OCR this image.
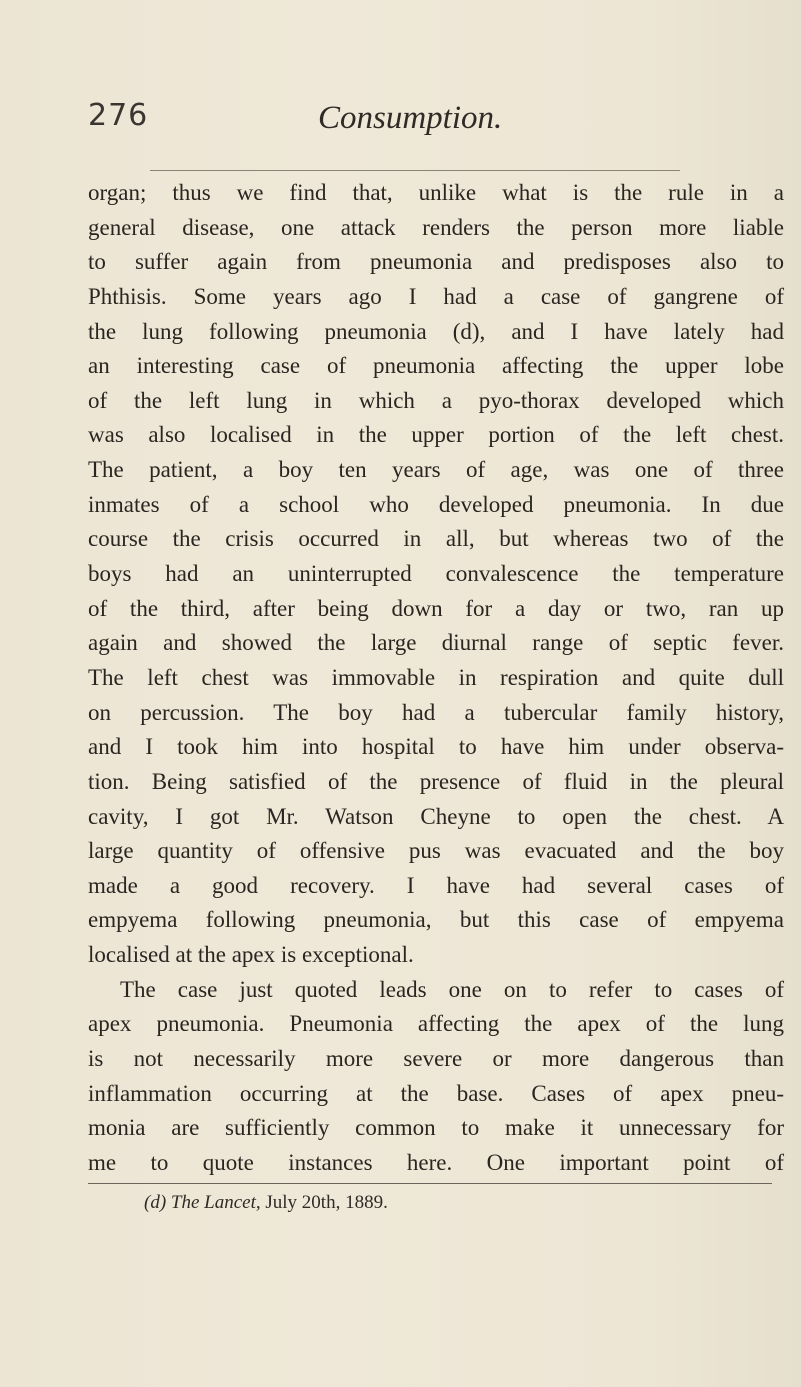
276	Consumption.
organ; thus we find that, unlike what is the rule in a
general disease, one attack renders the person more liable
to suffer again from pneumonia and predisposes also to
Phthisis. Some years ago I had a case of gangrene of
the lung following pneumonia (d), and I have lately had
an interesting case of pneumonia affecting the upper lobe
of the left lung in which a pyo-thorax developed which
was also localised in the upper portion of the left chest.
The patient, a boy ten years of age, was one of three
inmates of a school who developed pneumonia. In due
course the crisis occurred in all, but whereas two of the
boys had an uninterrupted convalescence the temperature
of the third, after being down for a day or two, ran up
again and showed the large diurnal range of septic fever.
The left chest was immovable in respiration and quite dull
on percussion. The boy had a tubercular family history,
and I took him into hospital to have him under observa-
tion. Being satisfied of the presence of fluid in the pleural
cavity, I got Mr. Watson Cheyne to open the chest. A
large quantity of offensive pus was evacuated and the boy
made a good recovery. I have had several cases of
empyema following pneumonia, but this case of empyema
localised at the apex is exceptional.
The case just quoted leads one on to refer to cases of
apex pneumonia. Pneumonia affecting the apex of the lung
is not necessarily more severe or more dangerous than
inflammation occurring at the base. Cases of apex pneu-
monia are sufficiently common to make it unnecessary for
me to quote instances here. One important point of
(d) The Lancet, July 20th, 1889.
